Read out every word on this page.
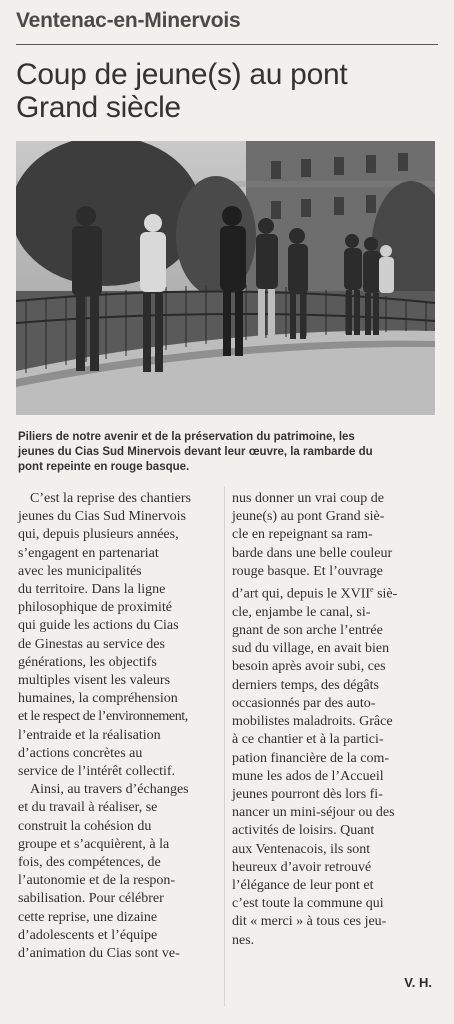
Ventenac-en-Minervois
Coup de jeune(s) au pont
Grand siècle
Piliers de notre avenir et de la préservation du patrimoine, les
jeunes du Cias Sud Minervois devant leur œuvre, la rambarde du
pont repeinte en rouge basque.
C’est la reprise des chantiers
jeunes du Cias Sud Minervois
qui, depuis plusieurs années,
s’engagent en partenariat
avec les municipalités
du territoire. Dans la ligne
philosophique de proximité
qui guide les actions du Cias
de Ginestas au service des
générations, les objectifs
multiples visent les valeurs
humaines, la compréhension
et le respect de l’environnement,
l’entraide et la réalisation
d’actions concrètes au
service de l’intérêt collectif.
Ainsi, au travers d’échanges
et du travail à réaliser, se
construit la cohésion du
groupe et s’acquièrent, à la
fois, des compétences, de
l’autonomie et de la respon-
sabilisation. Pour célébrer
cette reprise, une dizaine
d’adolescents et l’équipe
d’animation du Cias sont ve-
nus donner un vrai coup de
jeune(s) au pont Grand siè-
cle en repeignant sa ram-
barde dans une belle couleur
rouge basque. Et l’ouvrage
d’art qui, depuis le XVIIe siè-
cle, enjambe le canal, si-
gnant de son arche l’entrée
sud du village, en avait bien
besoin après avoir subi, ces
derniers temps, des dégâts
occasionnés par des auto-
mobilistes maladroits. Grâce
à ce chantier et à la partici-
pation financière de la com-
mune les ados de l’Accueil
jeunes pourront dès lors fi-
nancer un mini-séjour ou des
activités de loisirs. Quant
aux Ventenacois, ils sont
heureux d’avoir retrouvé
l’élégance de leur pont et
c’est toute la commune qui
dit « merci » à tous ces jeu-
nes.
V. H.
